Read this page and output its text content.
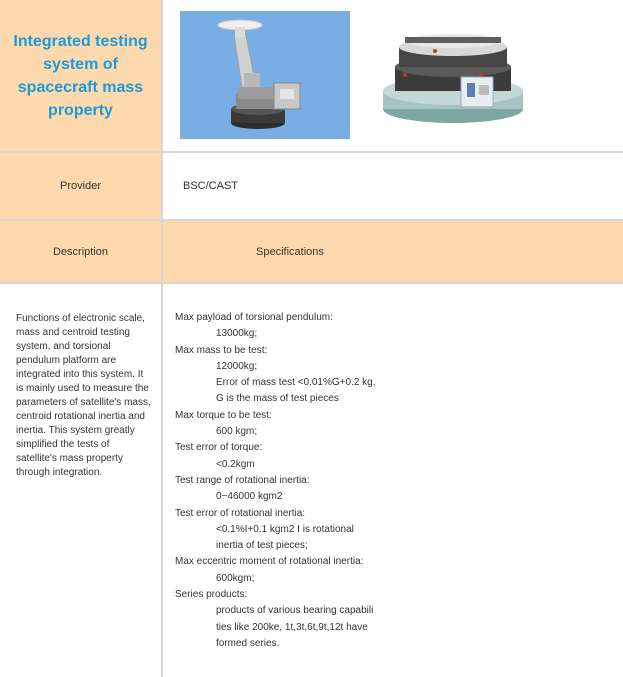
Integrated testing system of spacecraft mass property
Provider	BSC/CAST
Description	Specifications
Functions of electronic scale, mass and centroid testing system, and torsional pendulum platform are integrated into this system. It is mainly used to measure the parameters of satellite's mass, centroid rotational inertia and inertia. This system greatly simplified the tests of satellite's mass property through integration.
Max payload of torsional pendulum:
13000kg;
Max mass to be test:
12000kg;
Error of mass test <0.01%G+0.2 kg,
G is the mass of test pieces
Max torque to be test:
600 kgm;
Test error of torque:
<0.2kgm
Test range of rotational inertia:
0~46000 kgm2
Test error of rotational inertia:
<0.1%I+0.1 kgm2 I is rotational
inertia of test pieces;
Max eccentric moment of rotational inertia:
600kgm;
Series products:
products of various bearing capabili
ties like 200ke, 1t,3t,6t,9t,12t have
formed series.
